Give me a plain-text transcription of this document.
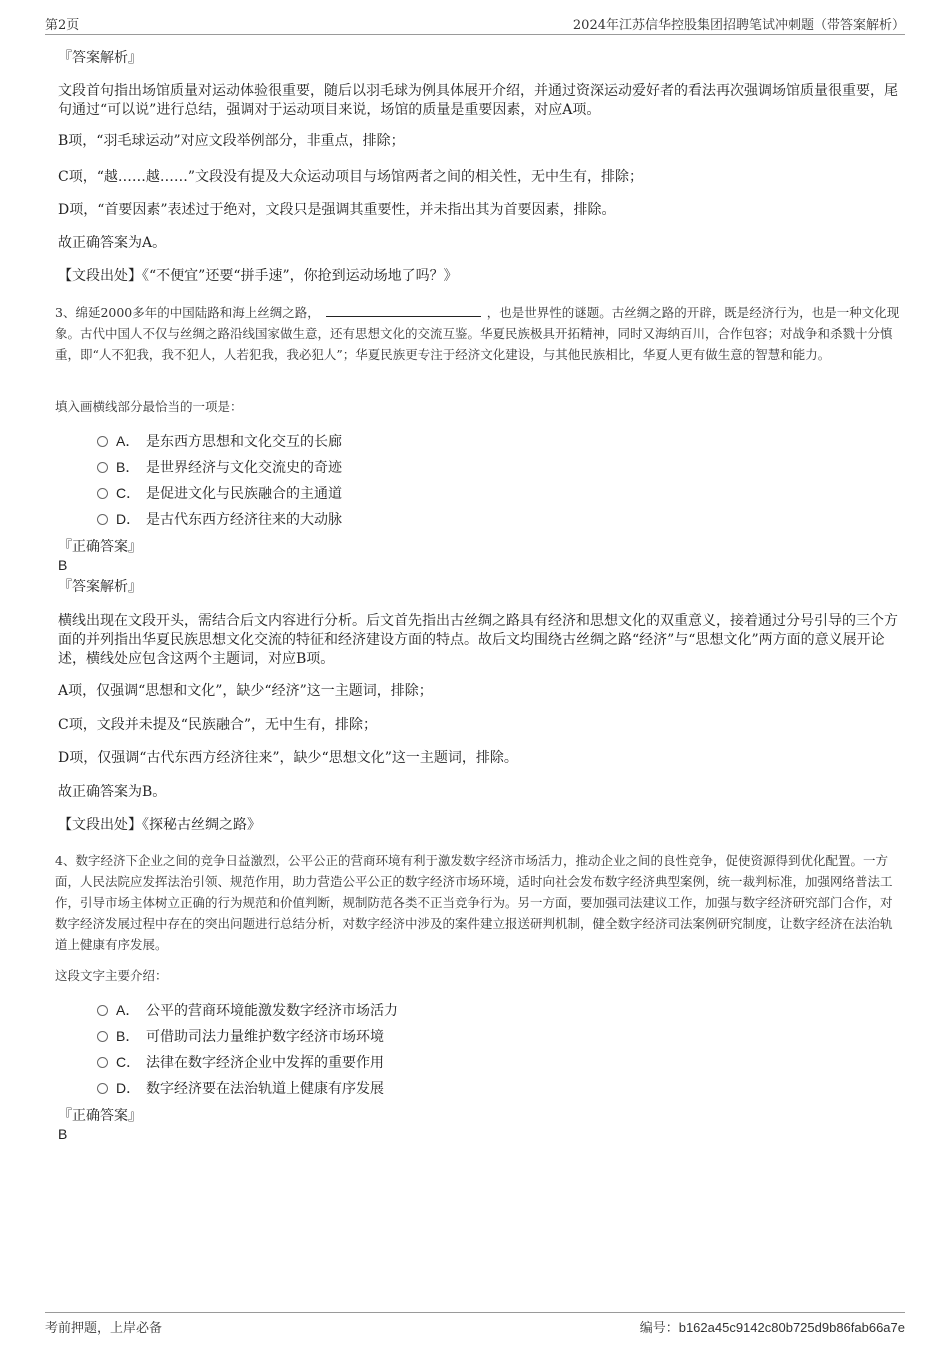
第2页	2024年江苏信华控股集团招聘笔试冲刺题（带答案解析）
『答案解析』
文段首句指出场馆质量对运动体验很重要，随后以羽毛球为例具体展开介绍，并通过资深运动爱好者的看法再次强调场馆质量很重要，尾句通过“可以说”进行总结，强调对于运动项目来说，场馆的质量是重要因素，对应A项。
B项，“羽毛球运动”对应文段举例部分，非重点，排除；
C项，“越……越……”文段没有提及大众运动项目与场馆两者之间的相关性，无中生有，排除；
D项，“首要因素”表述过于绝对，文段只是强调其重要性，并未指出其为首要因素，排除。
故正确答案为A。
【文段出处】《“不便宜”还要“拼手速”，你抢到运动场地了吗？》
3、绵延2000多年的中国陆路和海上丝绸之路，	，也是世界性的谜题。古丝绸之路的开辟，既是经济行为，也是一种文化现象。古代中国人不仅与丝绸之路沿线国家做生意，还有思想文化的交流互鉴。华夏民族极具开拓精神，同时又海纳百川，合作包容；对战争和杀戮十分慎重，即“人不犯我，我不犯人，人若犯我，我必犯人”；华夏民族更专注于经济文化建设，与其他民族相比，华夏人更有做生意的智慧和能力。
填入画横线部分最恰当的一项是：
A． 是东西方思想和文化交互的长廊
B． 是世界经济与文化交流史的奇迹
C． 是促进文化与民族融合的主通道
D． 是古代东西方经济往来的大动脉
『正确答案』
B
『答案解析』
横线出现在文段开头，需结合后文内容进行分析。后文首先指出古丝绸之路具有经济和思想文化的双重意义，接着通过分号引导的三个方面的并列指出华夏民族思想文化交流的特征和经济建设方面的特点。故后文均围绕古丝绸之路“经济”与“思想文化”两方面的意义展开论述，横线处应包含这两个主题词，对应B项。
A项，仅强调“思想和文化”，缺少“经济”这一主题词，排除；
C项，文段并未提及“民族融合”，无中生有，排除；
D项，仅强调“古代东西方经济往来”，缺少“思想文化”这一主题词，排除。
故正确答案为B。
【文段出处】《探秘古丝绸之路》
4、数字经济下企业之间的竞争日益激烈，公平公正的营商环境有利于激发数字经济市场活力，推动企业之间的良性竞争，促使资源得到优化配置。一方面，人民法院应发挥法治引领、规范作用，助力营造公平公正的数字经济市场环境，适时向社会发布数字经济典型案例，统一裁判标准，加强网络普法工作，引导市场主体树立正确的行为规范和价值判断，规制防范各类不正当竞争行为。另一方面，要加强司法建议工作，加强与数字经济研究部门合作，对数字经济发展过程中存在的突出问题进行总结分析，对数字经济中涉及的案件建立报送研判机制，健全数字经济司法案例研究制度，让数字经济在法治轨道上健康有序发展。
这段文字主要介绍：
A． 公平的营商环境能激发数字经济市场活力
B． 可借助司法力量维护数字经济市场环境
C． 法律在数字经济企业中发挥的重要作用
D． 数字经济要在法治轨道上健康有序发展
『正确答案』
B
考前押题，上岸必备	编号：b162a45c9142c80b725d9b86fab66a7e
